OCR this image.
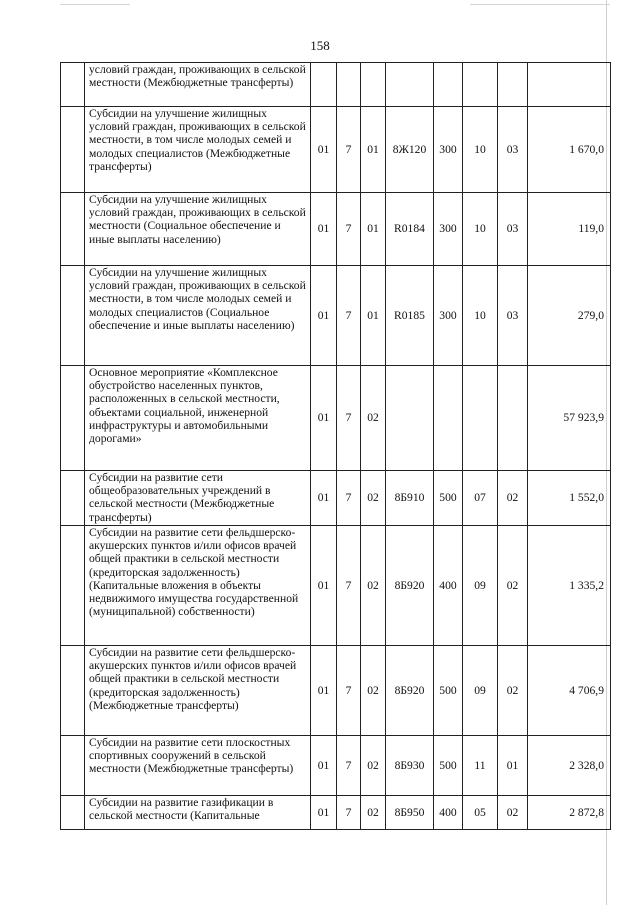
158
	условий граждан, проживающих в сельской местности (Межбюджетные трансферты)								
	Субсидии на улучшение жилищных условий граждан, проживающих в сельской местности, в том числе молодых семей и молодых специалистов (Межбюджетные трансферты)	01	7	01	8Ж120	300	10	03	1 670,0
	Субсидии на улучшение жилищных условий граждан, проживающих в сельской местности (Социальное обеспечение и иные выплаты населению)	01	7	01	R0184	300	10	03	119,0
	Субсидии на улучшение жилищных условий граждан, проживающих в сельской местности, в том числе молодых семей и молодых специалистов (Социальное обеспечение и иные выплаты населению)	01	7	01	R0185	300	10	03	279,0
	Основное мероприятие «Комплексное обустройство населенных пунктов, расположенных в сельской местности, объектами социальной, инженерной инфраструктуры и автомобильными дорогами»	01	7	02					57 923,9
	Субсидии на развитие сети общеобразовательных учреждений в сельской местности (Межбюджетные трансферты)	01	7	02	8Б910	500	07	02	1 552,0
	Субсидии на развитие сети фельдшерско-акушерских пунктов и/или офисов врачей общей практики в сельской местности (кредиторская задолженность) (Капитальные вложения в объекты недвижимого имущества государственной (муниципальной) собственности)	01	7	02	8Б920	400	09	02	1 335,2
	Субсидии на развитие сети фельдшерско-акушерских пунктов и/или офисов врачей общей практики в сельской местности (кредиторская задолженность) (Межбюджетные трансферты)	01	7	02	8Б920	500	09	02	4 706,9
	Субсидии на развитие сети плоскостных спортивных сооружений в сельской местности (Межбюджетные трансферты)	01	7	02	8Б930	500	11	01	2 328,0
	Субсидии на развитие газификации в сельской местности (Капитальные	01	7	02	8Б950	400	05	02	2 872,8
